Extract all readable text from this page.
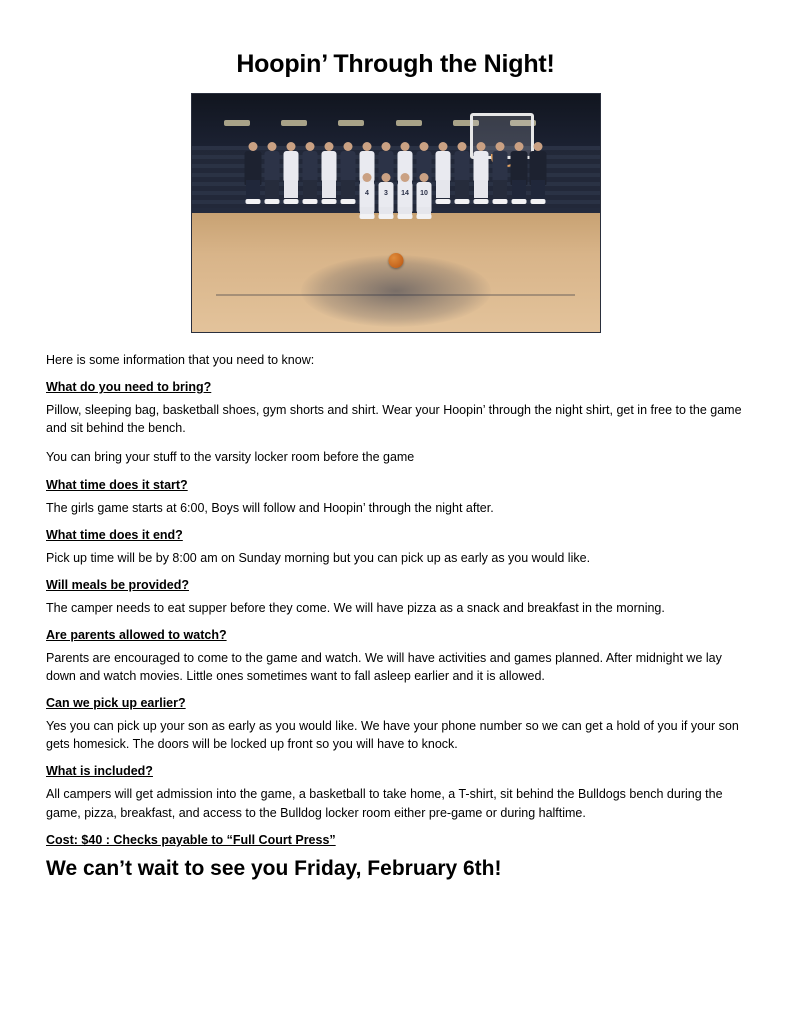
Hoopin’ Through the Night!
4	3	14	10

Here is some information that you need to know:

What do you need to bring?

Pillow, sleeping bag, basketball shoes, gym shorts and shirt. Wear your Hoopin’ through the night shirt, get in free to the game and sit behind the bench.

You can bring your stuff to the varsity locker room before the game

What time does it start?

The girls game starts at 6:00, Boys will follow and Hoopin’ through the night after.

What time does it end?

Pick up time will be by 8:00 am on Sunday morning but you can pick up as early as you would like.

Will meals be provided?

The camper needs to eat supper before they come. We will have pizza as a snack and breakfast in the morning.

Are parents allowed to watch?

Parents are encouraged to come to the game and watch. We will have activities and games planned. After midnight we lay down and watch movies. Little ones sometimes want to fall asleep earlier and it is allowed.

Can we pick up earlier?

Yes you can pick up your son as early as you would like. We have your phone number so we can get a hold of you if your son gets homesick. The doors will be locked up front so you will have to knock.

What is included?

All campers will get admission into the game, a basketball to take home, a T-shirt, sit behind the Bulldogs bench during the game, pizza, breakfast, and access to the Bulldog locker room either pre-game or during halftime.

Cost: $40 : Checks payable to “Full Court Press”

We can’t wait to see you Friday, February 6th!
